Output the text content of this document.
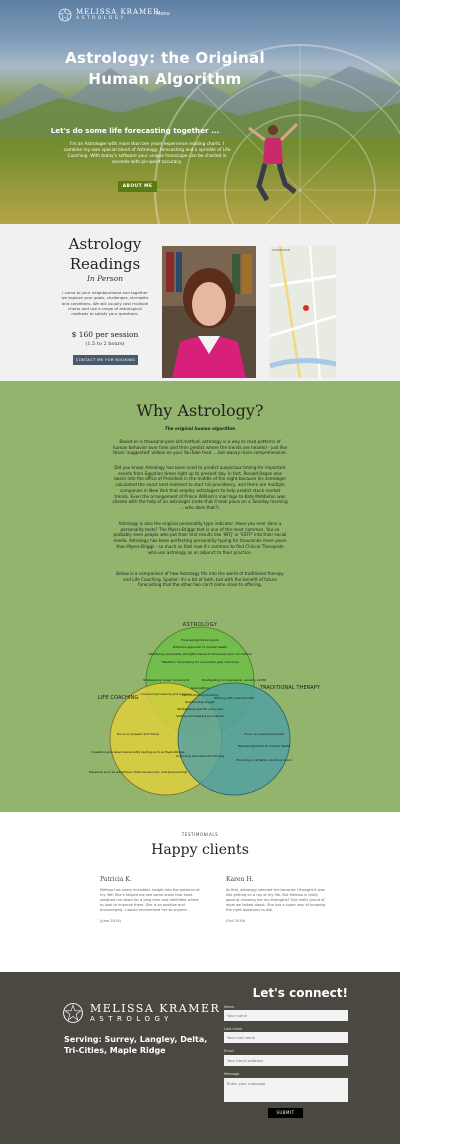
MELISSA KRAMER
ASTROLOGY
Menu
Astrology: the Original Human Algorithm
Let's do some life forecasting together ...

I'm an Astrologer with more than ten years experience reading charts. I combine my own special blend of Astrology, forecasting and a sprinkle of Life Coaching. With today's software your unique horoscope can be charted in seconds with pin-point accuracy.

ABOUT ME
Astrology Readings
In Person

I come to your neighbourhood and together we explore your goals, challenges, strengths and conditions. We will usually cast multiple charts and use a range of astrological methods to satisfy your questions.

$ 160 per session
(1.5 to 2 hours)
CONTACT ME FOR BOOKING
SAPPERTON
Why Astrology?
The original human algorithm

Based on a thousand-year old method, astrology is a way to read patterns of human behavior over time and then predict where the trends are headed - just like those 'suggested' videos on your YouTube feed ... but waaay more comprehensive.

Did you know: Astrology has been used to predict auspicious timing for important events from Egyptian times right up to present day. In fact, Ronald Regan was sworn into the office of President in the middle of the night because his astrologer calculated the exact best moment to start his presidency, and there are multiple companies in New York that employ astrologers to help predict stock market trends. Even the arrangement of Prince William's marriage to Kate Middleton was chosen with the help of an astrologer (note that it took place on a Tuesday morning ... who does that?).

Astrology is also the original personality type indicator. Have you ever done a personality tests? The Myers-Briggs test is one of the most common. You've probably seen people who put their test results like 'INTJ' or 'ESTP' into their social media. Astrology has been perfecting personality typing for thousands more years than Myers-Briggs - so much so that now it's common to find Clinical Therapists who use astrology as an adjunct to their practice.

Below is a comparison of how Astrology fits into the world of traditional therapy and Life Coaching. Spoiler: it's a bit of both, but with the benefit of future forecasting that the other two can't come close to offering.

ASTROLOGY
LIFE COACHING
TRADITIONAL THERAPY
Forecasting future trends
Wholistic approach to mental health
Identifying personality strengths based on thousand year old method
"Weather" forecasting for successful goal outcomes
Strategizing career movement
Uncovering meaning and purpose
Strategizing for depression, anxiety, ADHD
Working with past traumas
Goal setting
Self confidence building
Relationship insight
Strategizing specific outcomes
Setting and keeping boundaries
Focus on present and future
Questionnaire-based personality testing such as Myers-Briggs
Expertise such as weightloss, financial security, entrepreneurship
Improving executive functioning
Focus on present and past
Medical approach to mental health
Providing a cathartic sounding board
TESTIMONIALS
Happy clients
Patricia K.
Melissa has some incredible insight into the patterns of my life! She's helped me see some areas that have weighed me down for a long time and identified where to look to improve them. She is so positive and encouraging. I would recommend her to anyone.
(June 2019)
Karen H.
At first, astrology seemed the because I thought it was like getting on a ray of my life. But Melissa is really good at showing me my strengths? She really proud of what we talked about. She has a super way of knowing the right questions to ask.
(Oct 2019)
MELISSA KRAMER
ASTROLOGY
Serving: Surrey, Langley, Delta, Tri-Cities, Maple Ridge
Let's connect!
Name
Your name
Last name
Your last name
Email
Your email address
Message
Enter your message
SUBMIT
